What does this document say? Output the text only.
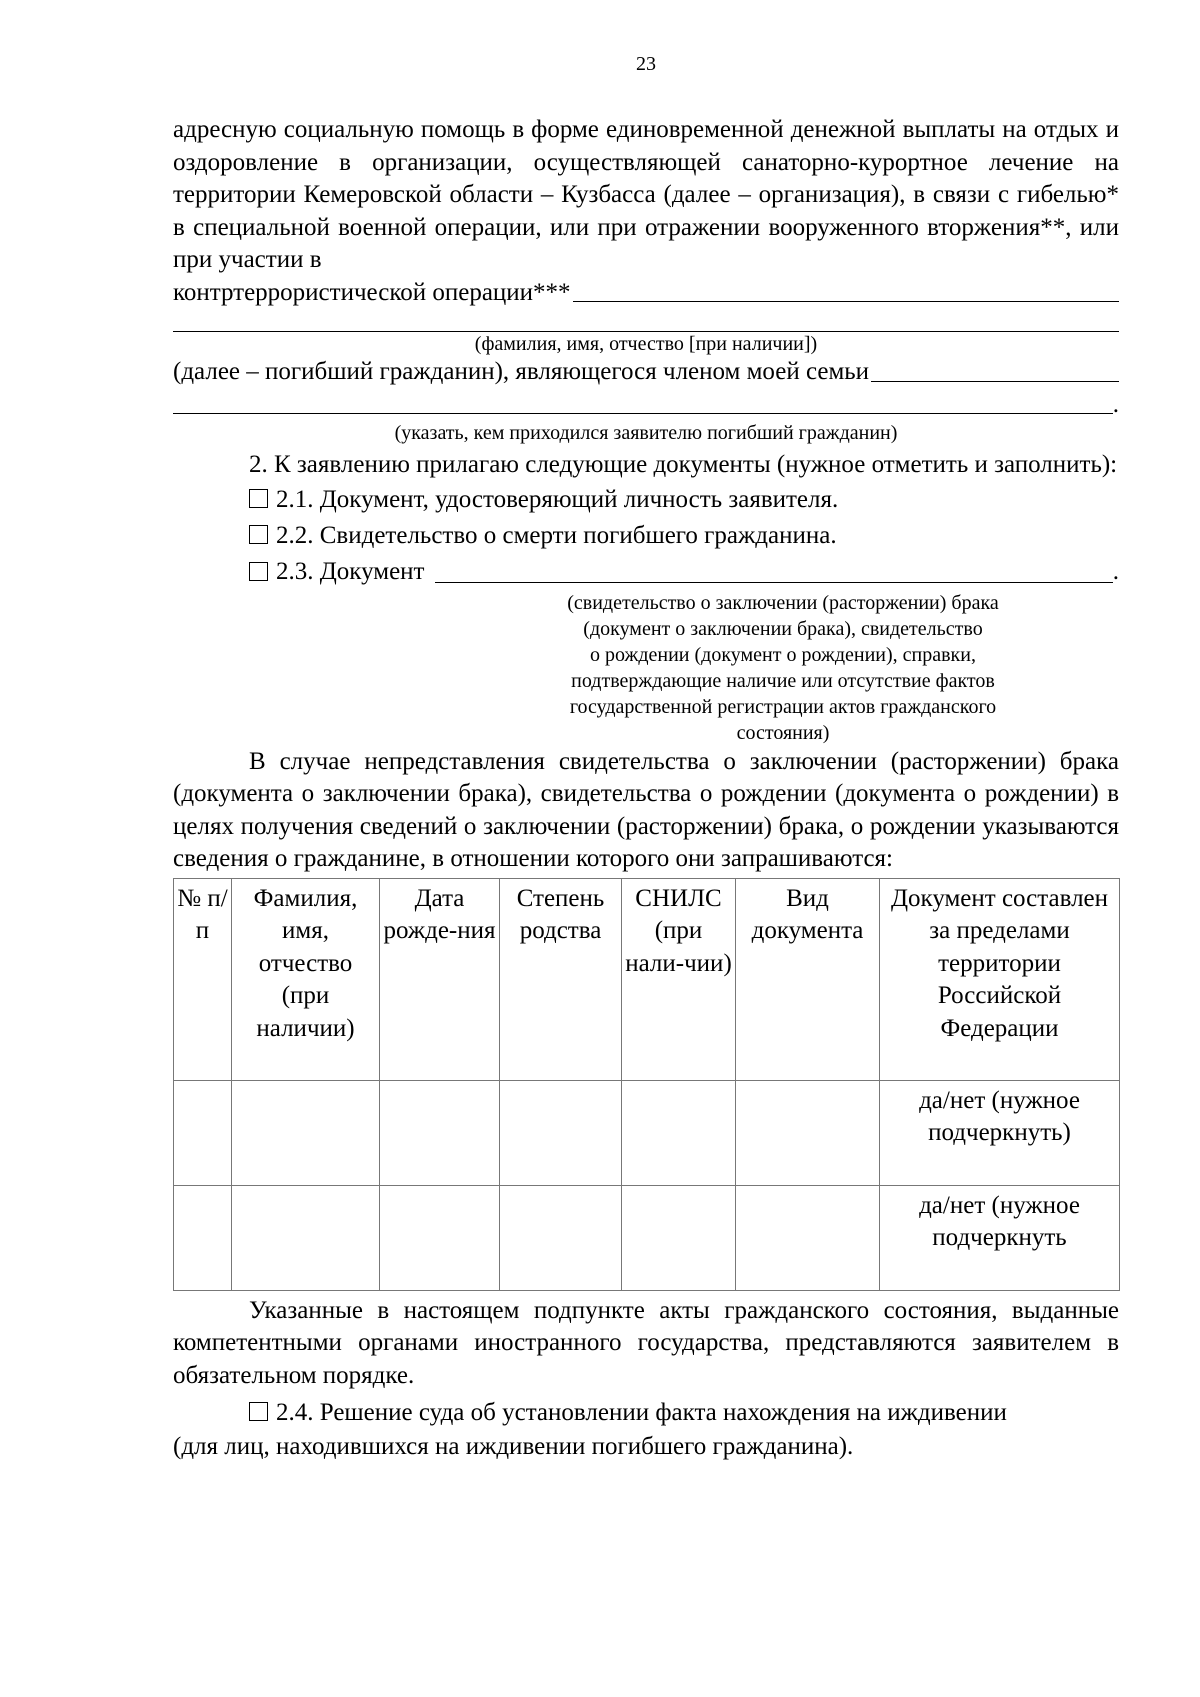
23

адресную социальную помощь в форме единовременной денежной выплаты на отдых и оздоровление в организации, осуществляющей санаторно-курортное лечение на территории Кемеровской области – Кузбасса (далее – организация), в связи с гибелью* в специальной военной операции, или при отражении вооруженного вторжения**, или при участии в

контртеррористической операции***
(фамилия, имя, отчество [при наличии])
(далее – погибший гражданин), являющегося членом моей семьи
.
(указать, кем приходился заявителю погибший гражданин)

2. К заявлению прилагаю следующие документы (нужное отметить и заполнить):

2.1. Документ, удостоверяющий личность заявителя.
2.2. Свидетельство о смерти погибшего гражданина.
2.3. Документ	.
(свидетельство о заключении (расторжении) брака
(документ о заключении брака), свидетельство
о рождении (документ о рождении), справки,
подтверждающие наличие или отсутствие фактов
государственной регистрации актов гражданского
состояния)

В случае непредставления свидетельства о заключении (расторжении) брака (документа о заключении брака), свидетельства о рождении (документа о рождении) в целях получения сведений о заключении (расторжении) брака, о рождении указываются сведения о гражданине, в отношении которого они запрашиваются:

№ п/п	Фамилия, имя, отчество (при наличии)	Дата рожде-ния	Степень родства	СНИЛС (при нали-чии)	Вид документа	Документ составлен за пределами территории Российской Федерации
						да/нет (нужное подчеркнуть)
						да/нет (нужное подчеркнуть

Указанные в настоящем подпункте акты гражданского состояния, выданные компетентными органами иностранного государства, представляются заявителем в обязательном порядке.

2.4. Решение суда об установлении факта нахождения на иждивении

(для лиц, находившихся на иждивении погибшего гражданина).
